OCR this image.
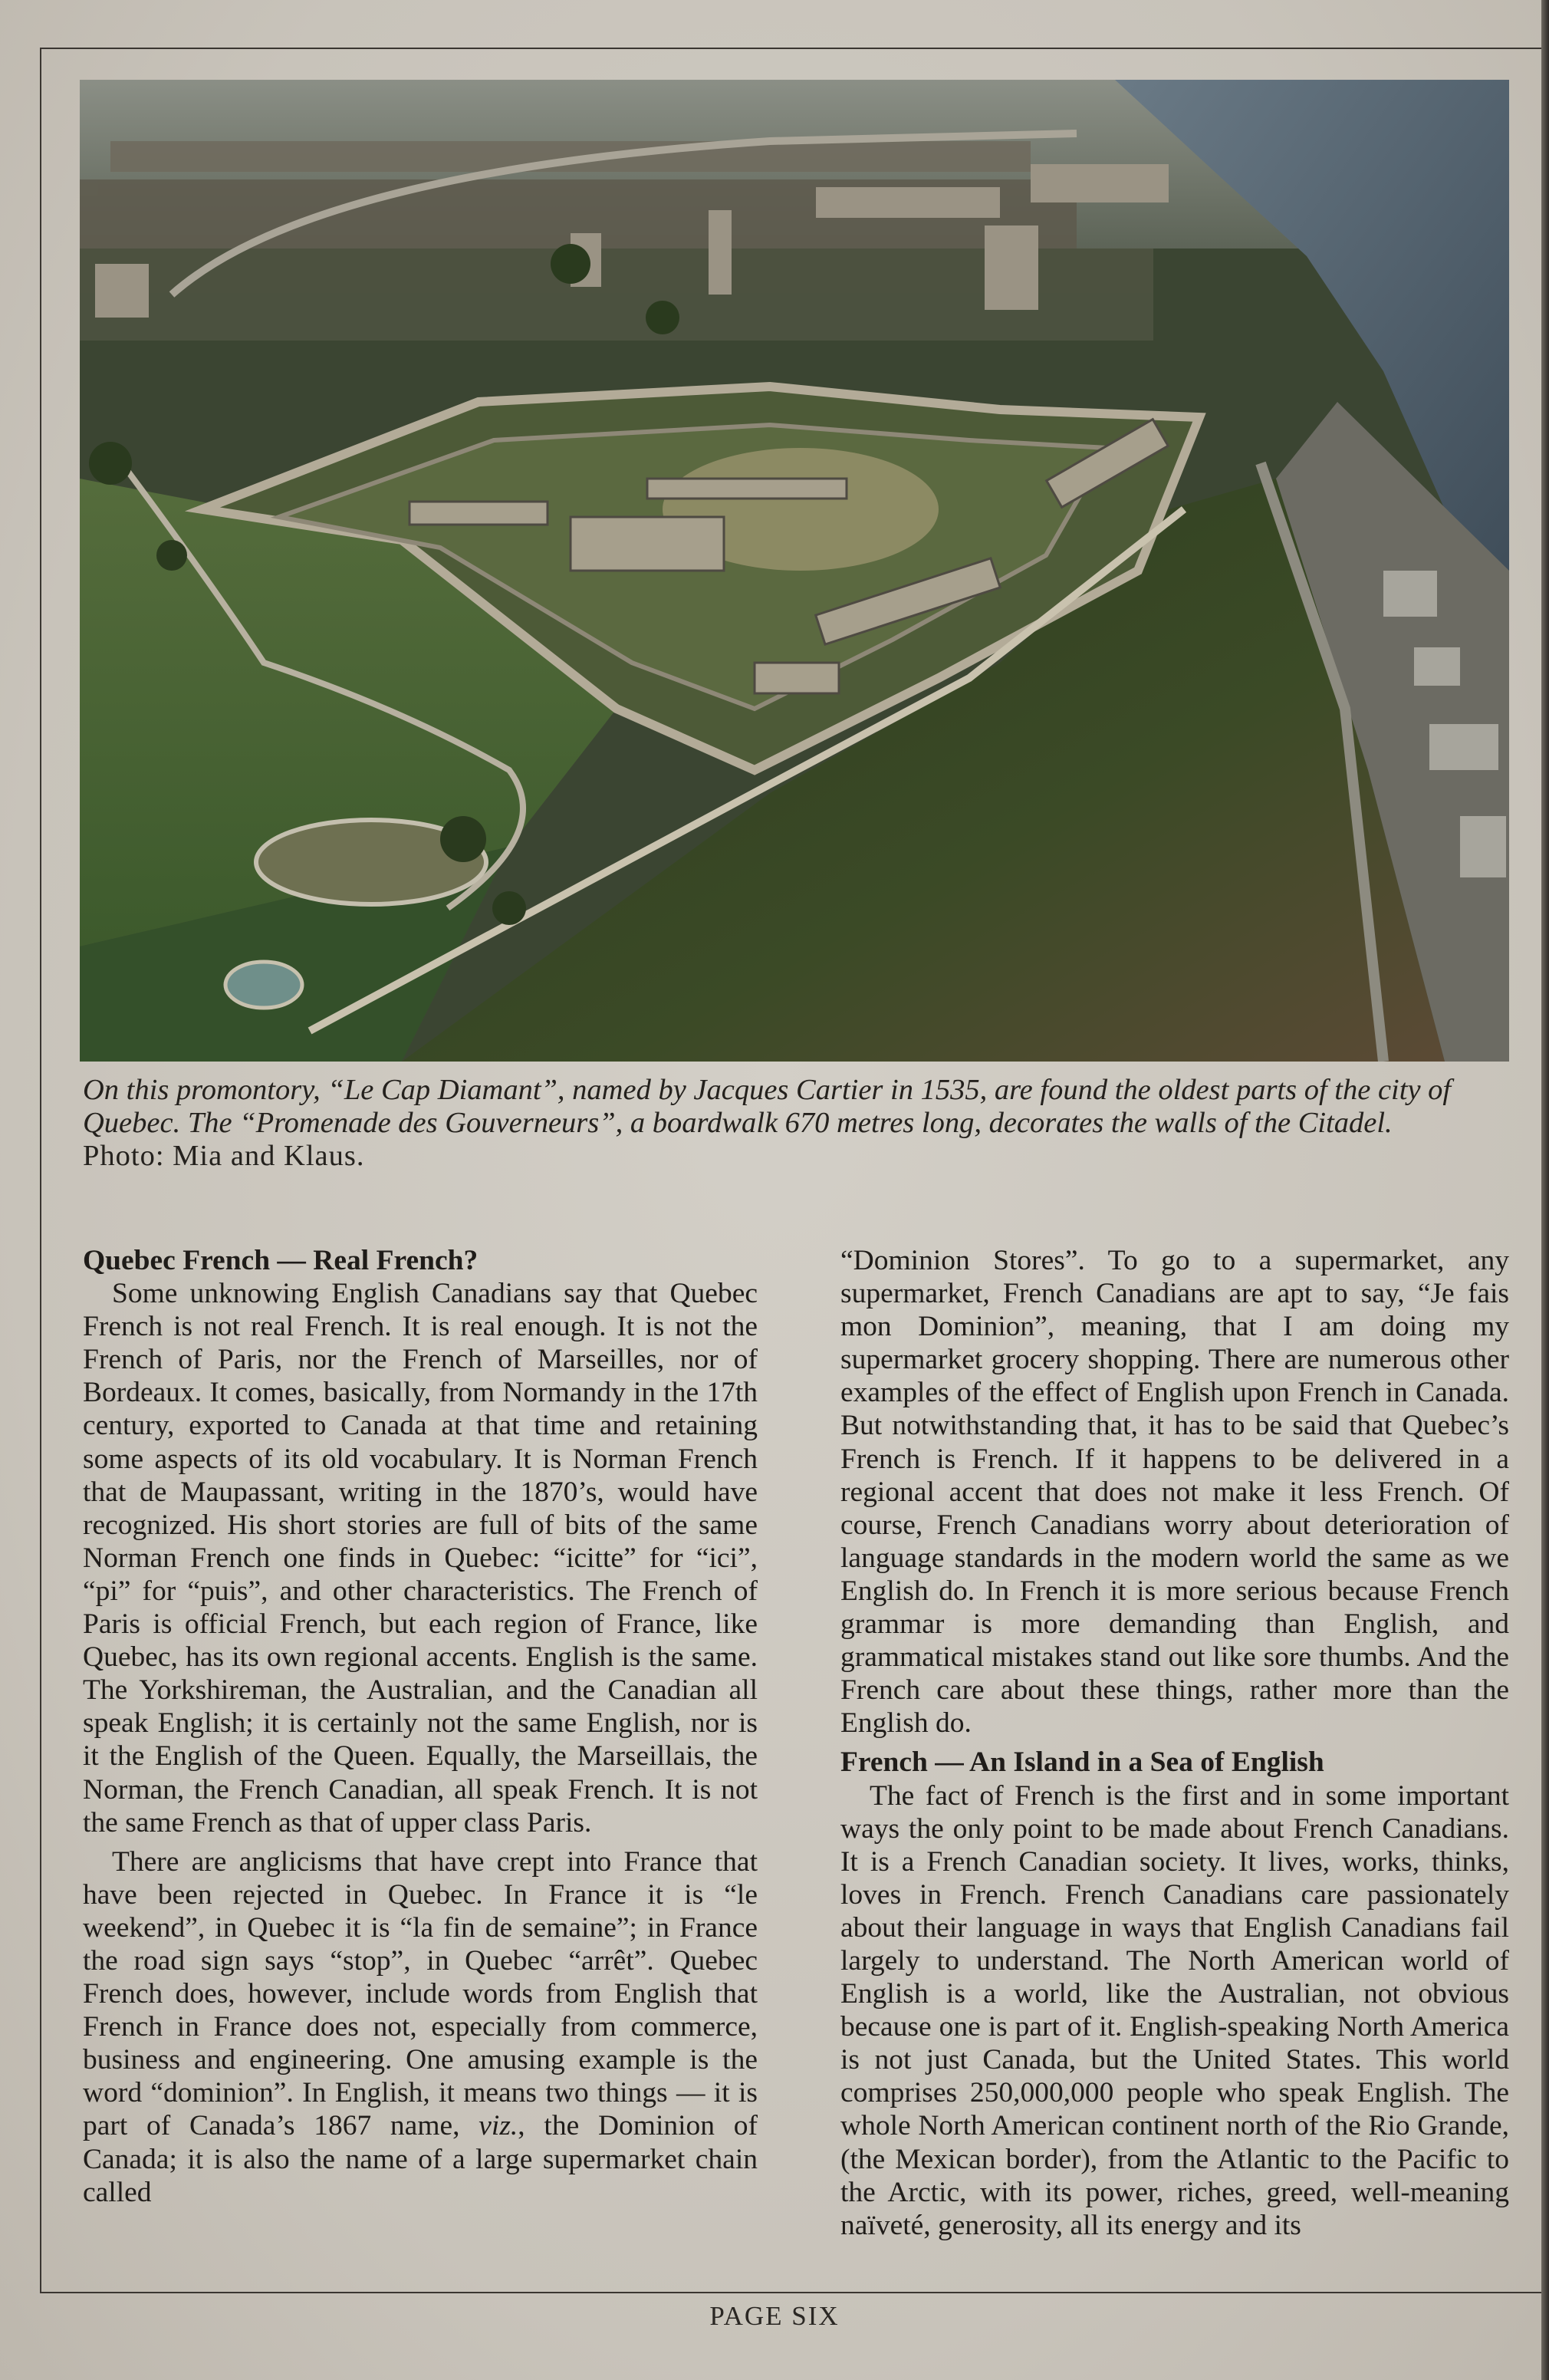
On this promontory, “Le Cap Diamant”, named by Jacques Cartier in 1535, are found the oldest parts of the city of Quebec. The “Promenade des Gouverneurs”, a boardwalk 670 metres long, decorates the walls of the Citadel.
Photo: Mia and Klaus.
Quebec French — Real French?

Some unknowing English Canadians say that Quebec French is not real French. It is real enough. It is not the French of Paris, nor the French of Marseilles, nor of Bordeaux. It comes, basically, from Normandy in the 17th century, exported to Canada at that time and retaining some aspects of its old vocabulary. It is Norman French that de Maupassant, writing in the 1870’s, would have recognized. His short stories are full of bits of the same Norman French one finds in Quebec: “icitte” for “ici”, “pi” for “puis”, and other characteristics. The French of Paris is official French, but each region of France, like Quebec, has its own regional accents. English is the same. The Yorkshireman, the Australian, and the Canadian all speak English; it is certainly not the same English, nor is it the English of the Queen. Equally, the Marseillais, the Norman, the French Canadian, all speak French. It is not the same French as that of upper class Paris.

There are anglicisms that have crept into France that have been rejected in Quebec. In France it is “le weekend”, in Quebec it is “la fin de semaine”; in France the road sign says “stop”, in Quebec “arrêt”. Quebec French does, however, include words from English that French in France does not, especially from commerce, business and engineering. One amusing example is the word “dominion”. In English, it means two things — it is part of Canada’s 1867 name, viz., the Dominion of Canada; it is also the name of a large supermarket chain called

“Dominion Stores”. To go to a supermarket, any supermarket, French Canadians are apt to say, “Je fais mon Dominion”, meaning, that I am doing my supermarket grocery shopping. There are numerous other examples of the effect of English upon French in Canada. But notwithstanding that, it has to be said that Quebec’s French is French. If it happens to be delivered in a regional accent that does not make it less French. Of course, French Canadians worry about deterioration of language standards in the modern world the same as we English do. In French it is more serious because French grammar is more demanding than English, and grammatical mistakes stand out like sore thumbs. And the French care about these things, rather more than the English do.

French — An Island in a Sea of English

The fact of French is the first and in some important ways the only point to be made about French Canadians. It is a French Canadian society. It lives, works, thinks, loves in French. French Canadians care passionately about their language in ways that English Canadians fail largely to understand. The North American world of English is a world, like the Australian, not obvious because one is part of it. English-speaking North America is not just Canada, but the United States. This world comprises 250,000,000 people who speak English. The whole North American continent north of the Rio Grande, (the Mexican border), from the Atlantic to the Pacific to the Arctic, with its power, riches, greed, well-meaning naïveté, generosity, all its energy and its

PAGE SIX
